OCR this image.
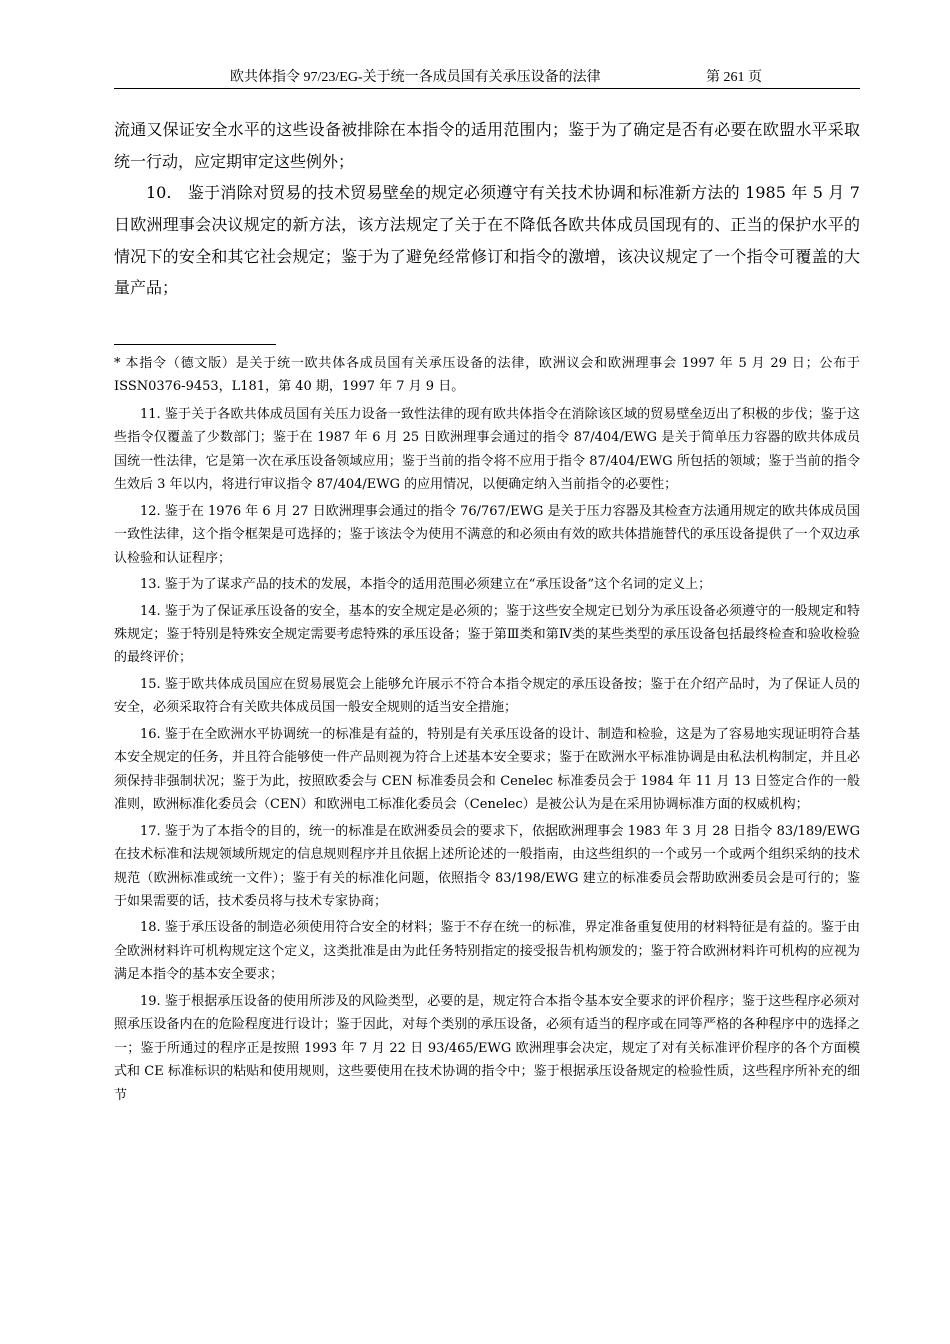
欧共体指令 97/23/EG-关于统一各成员国有关承压设备的法律	第 261 页

流通又保证安全水平的这些设备被排除在本指令的适用范围内；鉴于为了确定是否有必要在欧盟水平采取统一行动，应定期审定这些例外；

10.　鉴于消除对贸易的技术贸易壁垒的规定必须遵守有关技术协调和标准新方法的 1985 年 5 月 7 日欧洲理事会决议规定的新方法，该方法规定了关于在不降低各欧共体成员国现有的、正当的保护水平的情况下的安全和其它社会规定；鉴于为了避免经常修订和指令的激增，该决议规定了一个指令可覆盖的大量产品；

* 本指令（德文版）是关于统一欧共体各成员国有关承压设备的法律，欧洲议会和欧洲理事会 1997 年 5 月 29 日；公布于 ISSN0376-9453，L181，第 40 期，1997 年 7 月 9 日。

11. 鉴于关于各欧共体成员国有关压力设备一致性法律的现有欧共体指令在消除该区域的贸易壁垒迈出了积极的步伐；鉴于这些指令仅覆盖了少数部门；鉴于在 1987 年 6 月 25 日欧洲理事会通过的指令 87/404/EWG 是关于简单压力容器的欧共体成员国统一性法律，它是第一次在承压设备领域应用；鉴于当前的指令将不应用于指令 87/404/EWG 所包括的领域；鉴于当前的指令生效后 3 年以内，将进行审议指令 87/404/EWG 的应用情况，以便确定纳入当前指令的必要性；

12. 鉴于在 1976 年 6 月 27 日欧洲理事会通过的指令 76/767/EWG 是关于压力容器及其检查方法通用规定的欧共体成员国一致性法律，这个指令框架是可选择的；鉴于该法令为使用不满意的和必须由有效的欧共体措施替代的承压设备提供了一个双边承认检验和认证程序；

13. 鉴于为了谋求产品的技术的发展，本指令的适用范围必须建立在“承压设备”这个名词的定义上；

14. 鉴于为了保证承压设备的安全，基本的安全规定是必须的；鉴于这些安全规定已划分为承压设备必须遵守的一般规定和特殊规定；鉴于特别是特殊安全规定需要考虑特殊的承压设备；鉴于第Ⅲ类和第Ⅳ类的某些类型的承压设备包括最终检查和验收检验的最终评价；

15. 鉴于欧共体成员国应在贸易展览会上能够允许展示不符合本指令规定的承压设备按；鉴于在介绍产品时，为了保证人员的安全，必须采取符合有关欧共体成员国一般安全规则的适当安全措施；

16. 鉴于在全欧洲水平协调统一的标准是有益的，特别是有关承压设备的设计、制造和检验，这是为了容易地实现证明符合基本安全规定的任务，并且符合能够使一件产品则视为符合上述基本安全要求；鉴于在欧洲水平标准协调是由私法机构制定，并且必须保持非强制状况；鉴于为此，按照欧委会与 CEN 标准委员会和 Cenelec 标准委员会于 1984 年 11 月 13 日签定合作的一般准则，欧洲标准化委员会（CEN）和欧洲电工标准化委员会（Cenelec）是被公认为是在采用协调标准方面的权威机构；

17. 鉴于为了本指令的目的，统一的标准是在欧洲委员会的要求下，依据欧洲理事会 1983 年 3 月 28 日指令 83/189/EWG 在技术标准和法规领域所规定的信息规则程序并且依据上述所论述的一般指南，由这些组织的一个或另一个或两个组织采纳的技术规范（欧洲标准或统一文件）；鉴于有关的标准化问题，依照指令 83/198/EWG 建立的标准委员会帮助欧洲委员会是可行的；鉴于如果需要的话，技术委员将与技术专家协商；

18. 鉴于承压设备的制造必须使用符合安全的材料；鉴于不存在统一的标准，界定准备重复使用的材料特征是有益的。鉴于由全欧洲材料许可机构规定这个定义，这类批准是由为此任务特别指定的接受报告机构颁发的；鉴于符合欧洲材料许可机构的应视为满足本指令的基本安全要求；

19. 鉴于根据承压设备的使用所涉及的风险类型，必要的是，规定符合本指令基本安全要求的评价程序；鉴于这些程序必须对照承压设备内在的危险程度进行设计；鉴于因此，对每个类别的承压设备，必须有适当的程序或在同等严格的各种程序中的选择之一；鉴于所通过的程序正是按照 1993 年 7 月 22 日 93/465/EWG 欧洲理事会决定，规定了对有关标准评价程序的各个方面模式和 CE 标准标识的粘贴和使用规则，这些要使用在技术协调的指令中；鉴于根据承压设备规定的检验性质，这些程序所补充的细节
